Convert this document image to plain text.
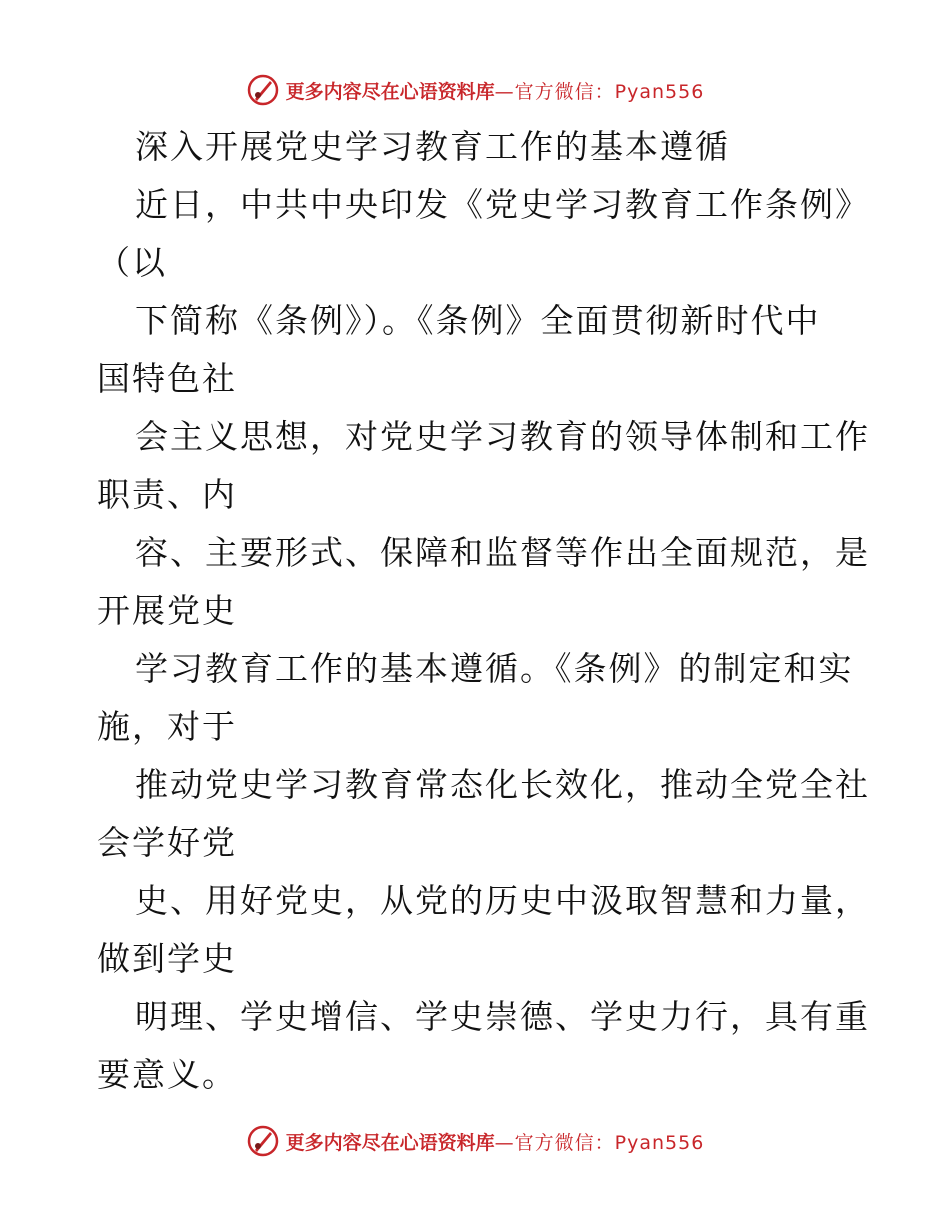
更多内容尽在心语资料库 —官方微信：Pyan556
深入开展党史学习教育工作的基本遵循
近日，中共中央印发《党史学习教育工作条例》
（以
下简称《条例》）。《条例》全面贯彻新时代中
国特色社
会主义思想，对党史学习教育的领导体制和工作
职责、内
容、主要形式、保障和监督等作出全面规范，是
开展党史
学习教育工作的基本遵循。《条例》的制定和实
施，对于
推动党史学习教育常态化长效化，推动全党全社
会学好党
史、用好党史，从党的历史中汲取智慧和力量，
做到学史
明理、学史增信、学史崇德、学史力行，具有重
要意义。
更多内容尽在心语资料库 —官方微信：Pyan556
